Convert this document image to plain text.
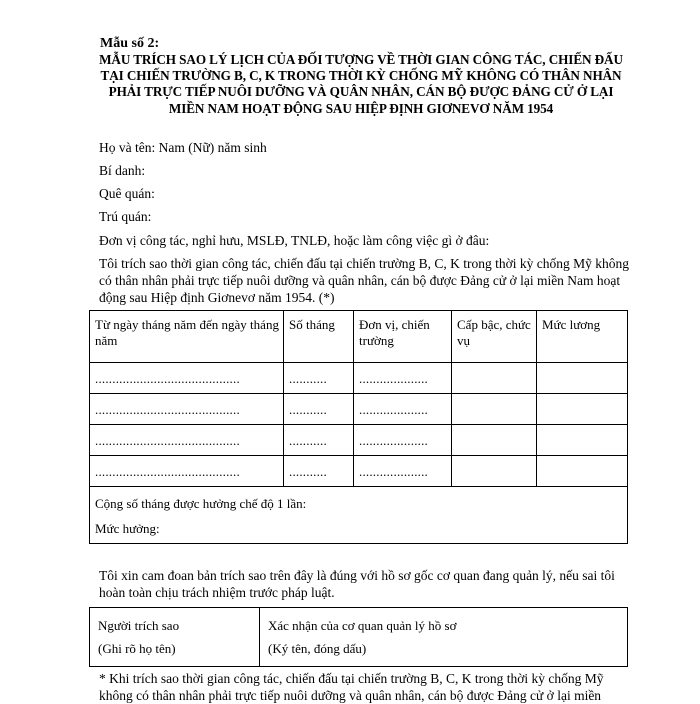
Mẫu số 2:
MẪU TRÍCH SAO LÝ LỊCH CỦA ĐỐI TƯỢNG VỀ THỜI GIAN CÔNG TÁC, CHIẾN ĐẤU TẠI CHIẾN TRƯỜNG B, C, K TRONG THỜI KỲ CHỐNG MỸ KHÔNG CÓ THÂN NHÂN PHẢI TRỰC TIẾP NUÔI DƯỠNG VÀ QUÂN NHÂN, CÁN BỘ ĐƯỢC ĐẢNG CỬ Ở LẠI MIỀN NAM HOẠT ĐỘNG SAU HIỆP ĐỊNH GIƠNEVƠ NĂM 1954
Họ và tên: Nam (Nữ) năm sinh
Bí danh:
Quê quán:
Trú quán:
Đơn vị công tác, nghỉ hưu, MSLĐ, TNLĐ, hoặc làm công việc gì ở đâu:
Tôi trích sao thời gian công tác, chiến đấu tại chiến trường B, C, K trong thời kỳ chống Mỹ không có thân nhân phải trực tiếp nuôi dưỡng và quân nhân, cán bộ được Đảng cử ở lại miền Nam hoạt động sau Hiệp định Giơnevơ năm 1954. (*)
Từ ngày tháng năm đến ngày tháng năm	Số tháng	Đơn vị, chiến trường	Cấp bậc, chức vụ	Mức lương
..........................................	...........	....................		
..........................................	...........	....................		
..........................................	...........	....................		
..........................................	...........	....................		

Cộng số tháng được hưởng chế độ 1 lần:
Mức hưởng:				
Tôi xin cam đoan bản trích sao trên đây là đúng với hồ sơ gốc cơ quan đang quản lý, nếu sai tôi hoàn toàn chịu trách nhiệm trước pháp luật.
Người trích sao
(Ghi rõ họ tên)

Xác nhận của cơ quan quản lý hồ sơ
(Ký tên, đóng dấu)
* Khi trích sao thời gian công tác, chiến đấu tại chiến trường B, C, K trong thời kỳ chống Mỹ không có thân nhân phải trực tiếp nuôi dưỡng và quân nhân, cán bộ được Đảng cử ở lại miền
